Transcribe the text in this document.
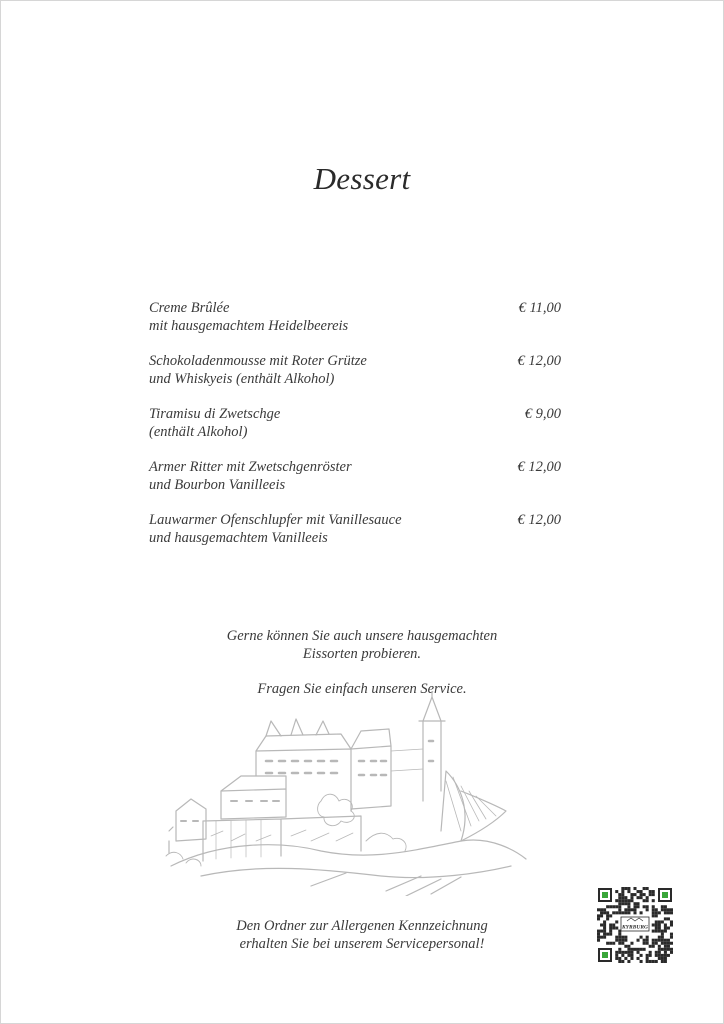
Dessert
Creme Brûlée
mit hausgemachtem Heidelbeereis
€ 11,00
Schokoladenmousse mit Roter Grütze
und Whiskyeis (enthält Alkohol)
€ 12,00
Tiramisu di Zwetschge
(enthält Alkohol)
€ 9,00
Armer Ritter mit Zwetschgenröster
und Bourbon Vanilleeis
€ 12,00
Lauwarmer Ofenschlupfer mit Vanillesauce
und hausgemachtem Vanilleeis
€ 12,00
Gerne können Sie auch unsere hausgemachten
Eissorten probieren.
Fragen Sie einfach unseren Service.
Den Ordner zur Allergenen Kennzeichnung
erhalten Sie bei unserem Servicepersonal!
KYRBURG
